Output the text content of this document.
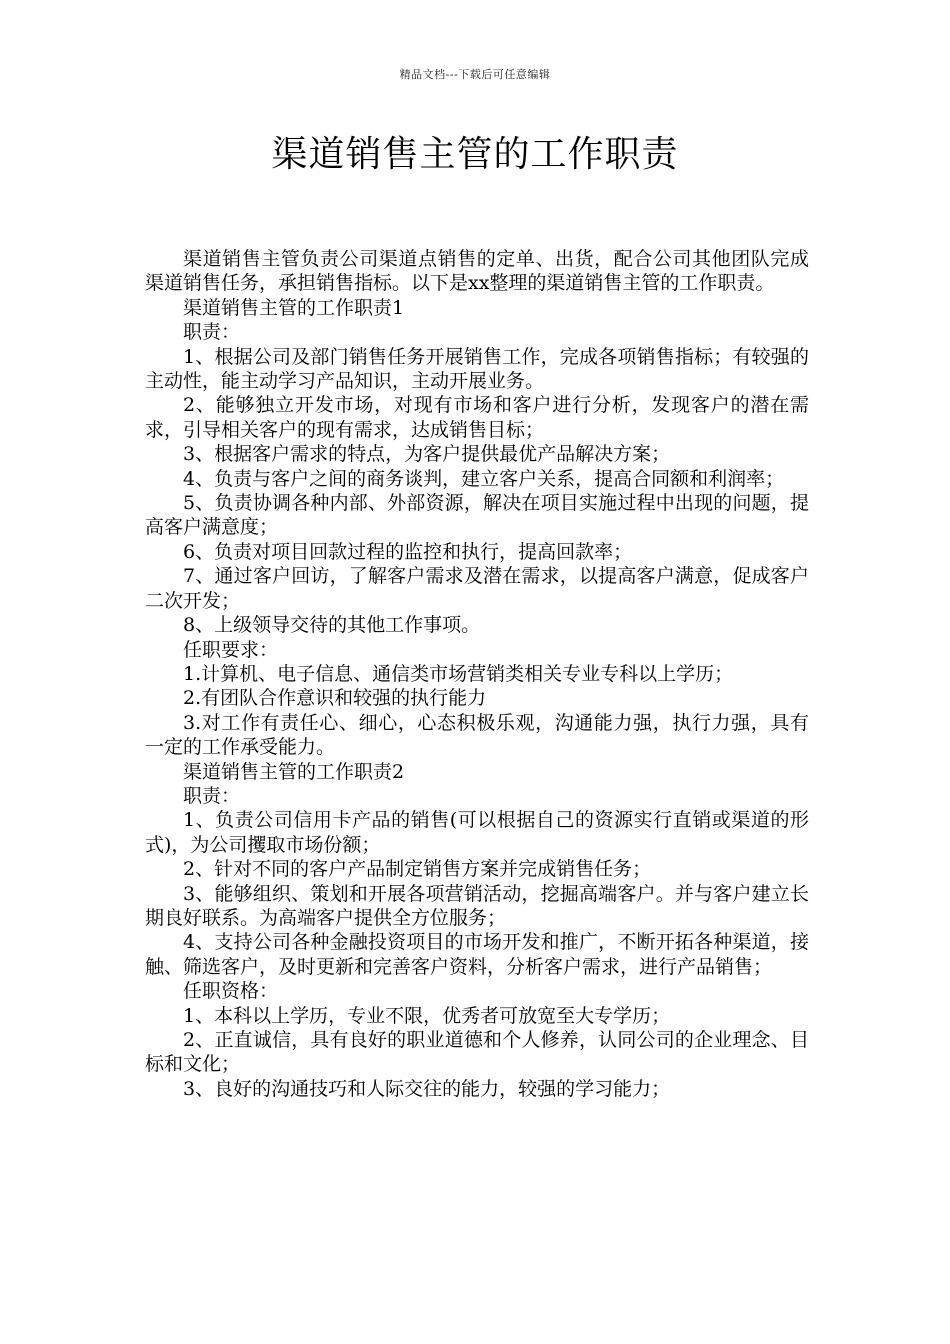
精品文档---下载后可任意编辑
渠道销售主管的工作职责

渠道销售主管负责公司渠道点销售的定单、出货，配合公司其他团队完成渠道销售任务，承担销售指标。以下是xx整理的渠道销售主管的工作职责。

渠道销售主管的工作职责1

职责：

1、根据公司及部门销售任务开展销售工作，完成各项销售指标；有较强的主动性，能主动学习产品知识，主动开展业务。

2、能够独立开发市场，对现有市场和客户进行分析，发现客户的潜在需求，引导相关客户的现有需求，达成销售目标；

3、根据客户需求的特点，为客户提供最优产品解决方案；

4、负责与客户之间的商务谈判，建立客户关系，提高合同额和利润率；

5、负责协调各种内部、外部资源，解决在项目实施过程中出现的问题，提高客户满意度；

6、负责对项目回款过程的监控和执行，提高回款率；

7、通过客户回访，了解客户需求及潜在需求，以提高客户满意，促成客户二次开发；

8、上级领导交待的其他工作事项。

任职要求：

1.计算机、电子信息、通信类市场营销类相关专业专科以上学历；

2.有团队合作意识和较强的执行能力

3.对工作有责任心、细心，心态积极乐观，沟通能力强，执行力强，具有一定的工作承受能力。

渠道销售主管的工作职责2

职责：

1、负责公司信用卡产品的销售(可以根据自己的资源实行直销或渠道的形式)，为公司攫取市场份额；

2、针对不同的客户产品制定销售方案并完成销售任务；

3、能够组织、策划和开展各项营销活动，挖掘高端客户。并与客户建立长期良好联系。为高端客户提供全方位服务；

4、支持公司各种金融投资项目的市场开发和推广，不断开拓各种渠道，接触、筛选客户，及时更新和完善客户资料，分析客户需求，进行产品销售；

任职资格：

1、本科以上学历，专业不限，优秀者可放宽至大专学历；

2、正直诚信，具有良好的职业道德和个人修养，认同公司的企业理念、目标和文化；

3、良好的沟通技巧和人际交往的能力，较强的学习能力；
